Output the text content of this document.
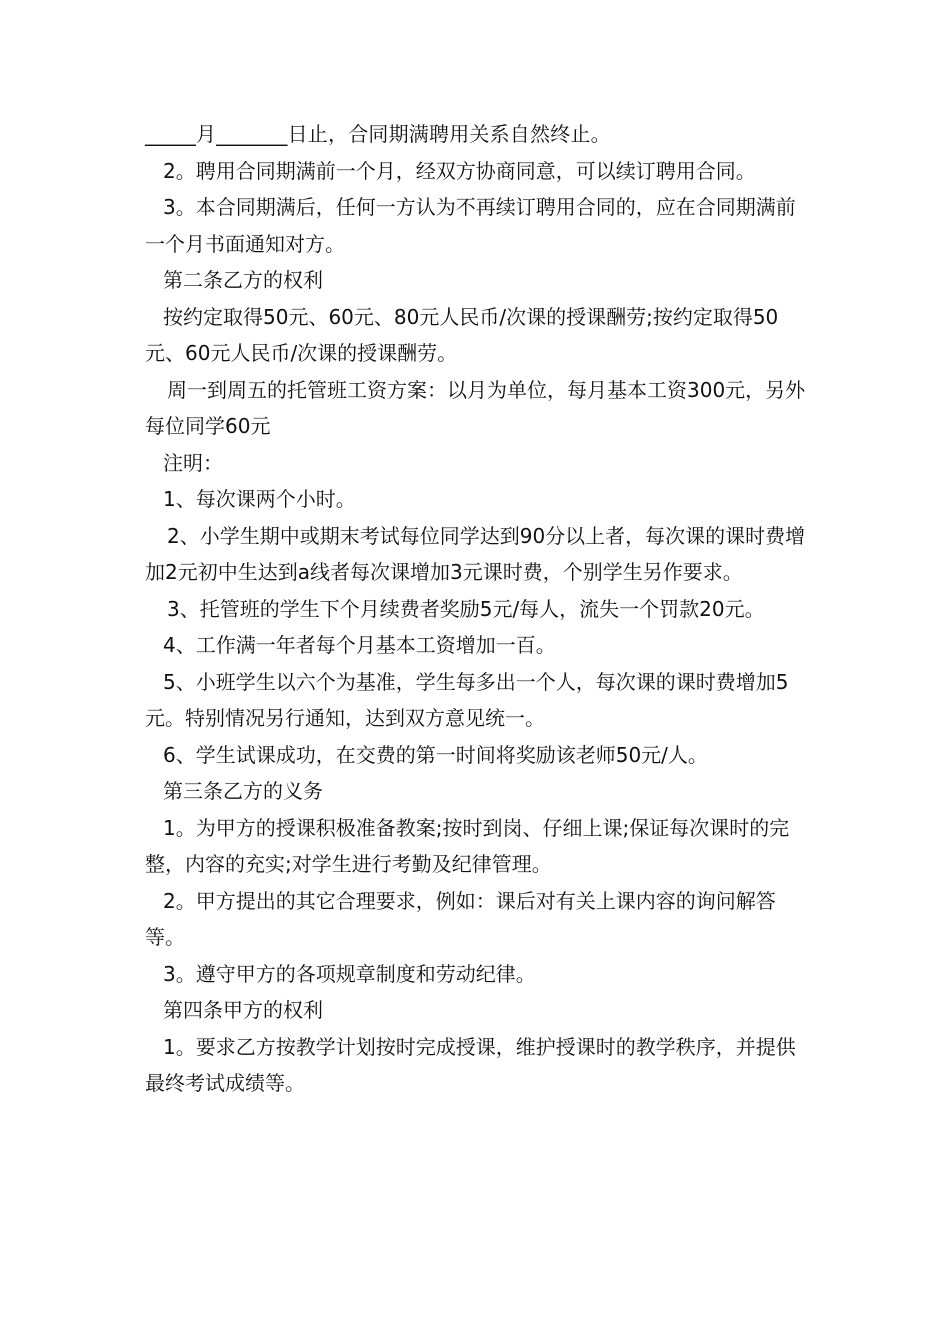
_____月_______日止，合同期满聘用关系自然终止。

2。聘用合同期满前一个月，经双方协商同意，可以续订聘用合同。

3。本合同期满后，任何一方认为不再续订聘用合同的，应在合同期满前一个月书面通知对方。

第二条乙方的权利

按约定取得50元、60元、80元人民币/次课的授课酬劳;按约定取得50元、60元人民币/次课的授课酬劳。

周一到周五的托管班工资方案：以月为单位，每月基本工资300元，另外每位同学60元

注明：

1、每次课两个小时。

2、小学生期中或期末考试每位同学达到90分以上者，每次课的课时费增加2元初中生达到a线者每次课增加3元课时费，个别学生另作要求。

3、托管班的学生下个月续费者奖励5元/每人，流失一个罚款20元。

4、工作满一年者每个月基本工资增加一百。

5、小班学生以六个为基准，学生每多出一个人，每次课的课时费增加5元。特别情况另行通知，达到双方意见统一。

6、学生试课成功，在交费的第一时间将奖励该老师50元/人。

第三条乙方的义务

1。为甲方的授课积极准备教案;按时到岗、仔细上课;保证每次课时的完整，内容的充实;对学生进行考勤及纪律管理。

2。甲方提出的其它合理要求，例如：课后对有关上课内容的询问解答等。

3。遵守甲方的各项规章制度和劳动纪律。

第四条甲方的权利

1。要求乙方按教学计划按时完成授课，维护授课时的教学秩序，并提供最终考试成绩等。
